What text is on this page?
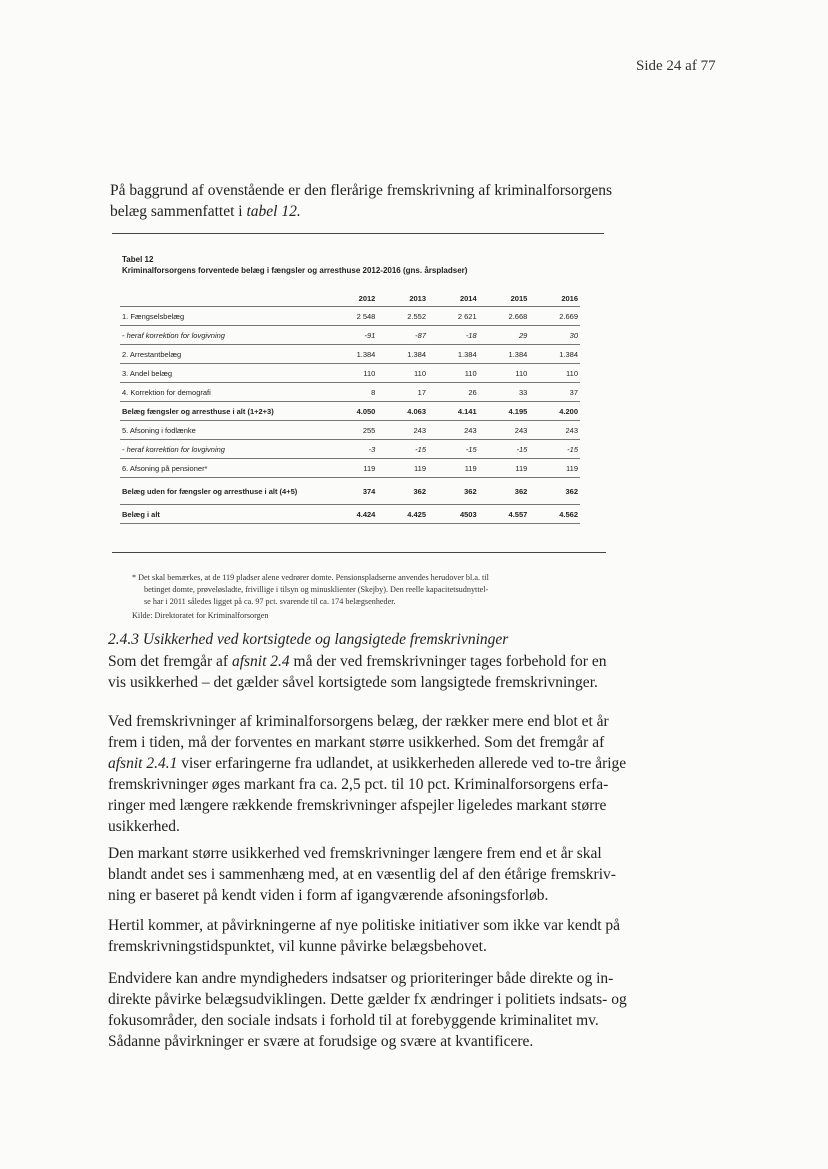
Side 24 af 77

På baggrund af ovenstående er den flerårige fremskrivning af kriminalforsorgens
belæg sammenfattet i tabel 12.

Tabel 12
Kriminalforsorgens forventede belæg i fængsler og arresthuse 2012-2016 (gns. årspladser)
	2012	2013	2014	2015	2016
1. Fængselsbelæg	2 548	2.552	2 621	2.668	2.669
- heraf korrektion for lovgivning	-91	-87	-18	29	30
2. Arrestantbelæg	1.384	1.384	1.384	1.384	1.384
3. Andel belæg	110	110	110	110	110
4. Korrektion for demografi	8	17	26	33	37
Belæg fængsler og arresthuse i alt (1+2+3)	4.050	4.063	4.141	4.195	4.200
5. Afsoning i fodlænke	255	243	243	243	243
- heraf korrektion for lovgivning	-3	-15	-15	-15	-15
6. Afsoning på pensioner*	119	119	119	119	119
Belæg uden for fængsler og arresthuse i alt (4+5)	374	362	362	362	362
Belæg i alt	4.424	4.425	4503	4.557	4.562
* Det skal bemærkes, at de 119 pladser alene vedrører domte. Pensionspladserne anvendes herudover bl.a. til
betinget domte, prøveløsladte, frivillige i tilsyn og minusklienter (Skejby). Den reelle kapacitetsudnyttel-
se har i 2011 således ligget på ca. 97 pct. svarende til ca. 174 belægsenheder.
Kilde: Direktoratet for Kriminalforsorgen
2.4.3 Usikkerhed ved kortsigtede og langsigtede fremskrivninger

Som det fremgår af afsnit 2.4 må der ved fremskrivninger tages forbehold for en
vis usikkerhed – det gælder såvel kortsigtede som langsigtede fremskrivninger.

Ved fremskrivninger af kriminalforsorgens belæg, der rækker mere end blot et år
frem i tiden, må der forventes en markant større usikkerhed. Som det fremgår af
afsnit 2.4.1 viser erfaringerne fra udlandet, at usikkerheden allerede ved to-tre årige
fremskrivninger øges markant fra ca. 2,5 pct. til 10 pct. Kriminalforsorgens erfa-
ringer med længere rækkende fremskrivninger afspejler ligeledes markant større
usikkerhed.

Den markant større usikkerhed ved fremskrivninger længere frem end et år skal
blandt andet ses i sammenhæng med, at en væsentlig del af den étårige fremskriv-
ning er baseret på kendt viden i form af igangværende afsoningsforløb.

Hertil kommer, at påvirkningerne af nye politiske initiativer som ikke var kendt på
fremskrivningstidspunktet, vil kunne påvirke belægsbehovet.

Endvidere kan andre myndigheders indsatser og prioriteringer både direkte og in-
direkte påvirke belægsudviklingen. Dette gælder fx ændringer i politiets indsats- og
fokusområder, den sociale indsats i forhold til at forebyggende kriminalitet mv.
Sådanne påvirkninger er svære at forudsige og svære at kvantificere.
